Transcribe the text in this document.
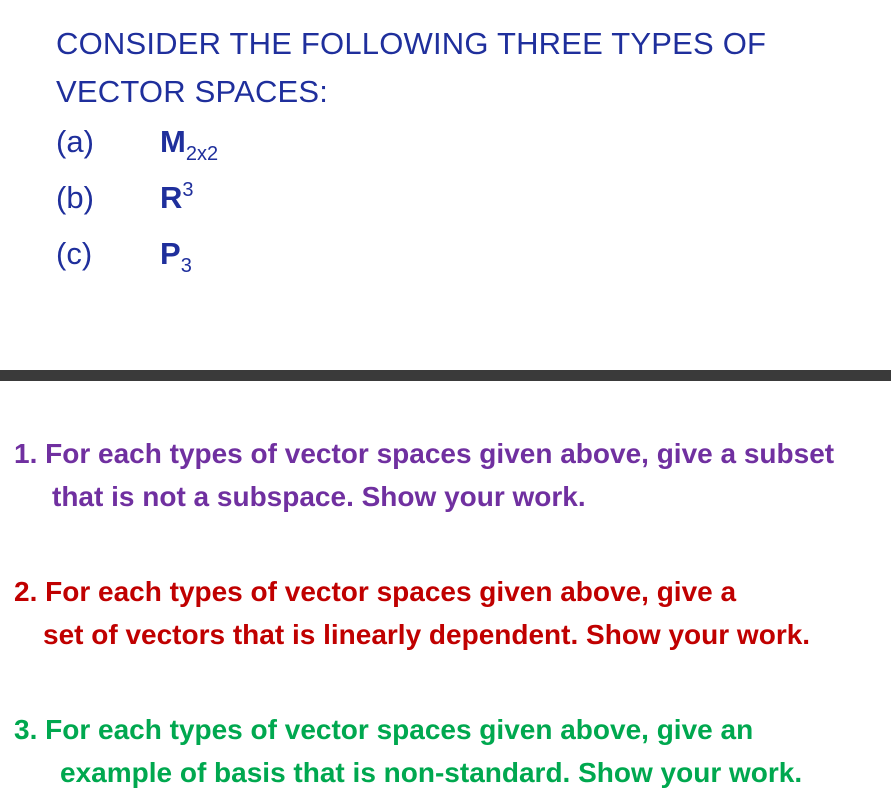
CONSIDER THE FOLLOWING THREE TYPES OF
VECTOR SPACES:
(a) $M_{2x2}$
(b) $R^3$
(c) $P_3$
1. For each types of vector spaces given above, give a subset
that is not a subspace. Show your work.
2. For each types of vector spaces given above, give a
set of vectors that is linearly dependent. Show your work.
3. For each types of vector spaces given above, give an
example of basis that is non-standard. Show your work.
